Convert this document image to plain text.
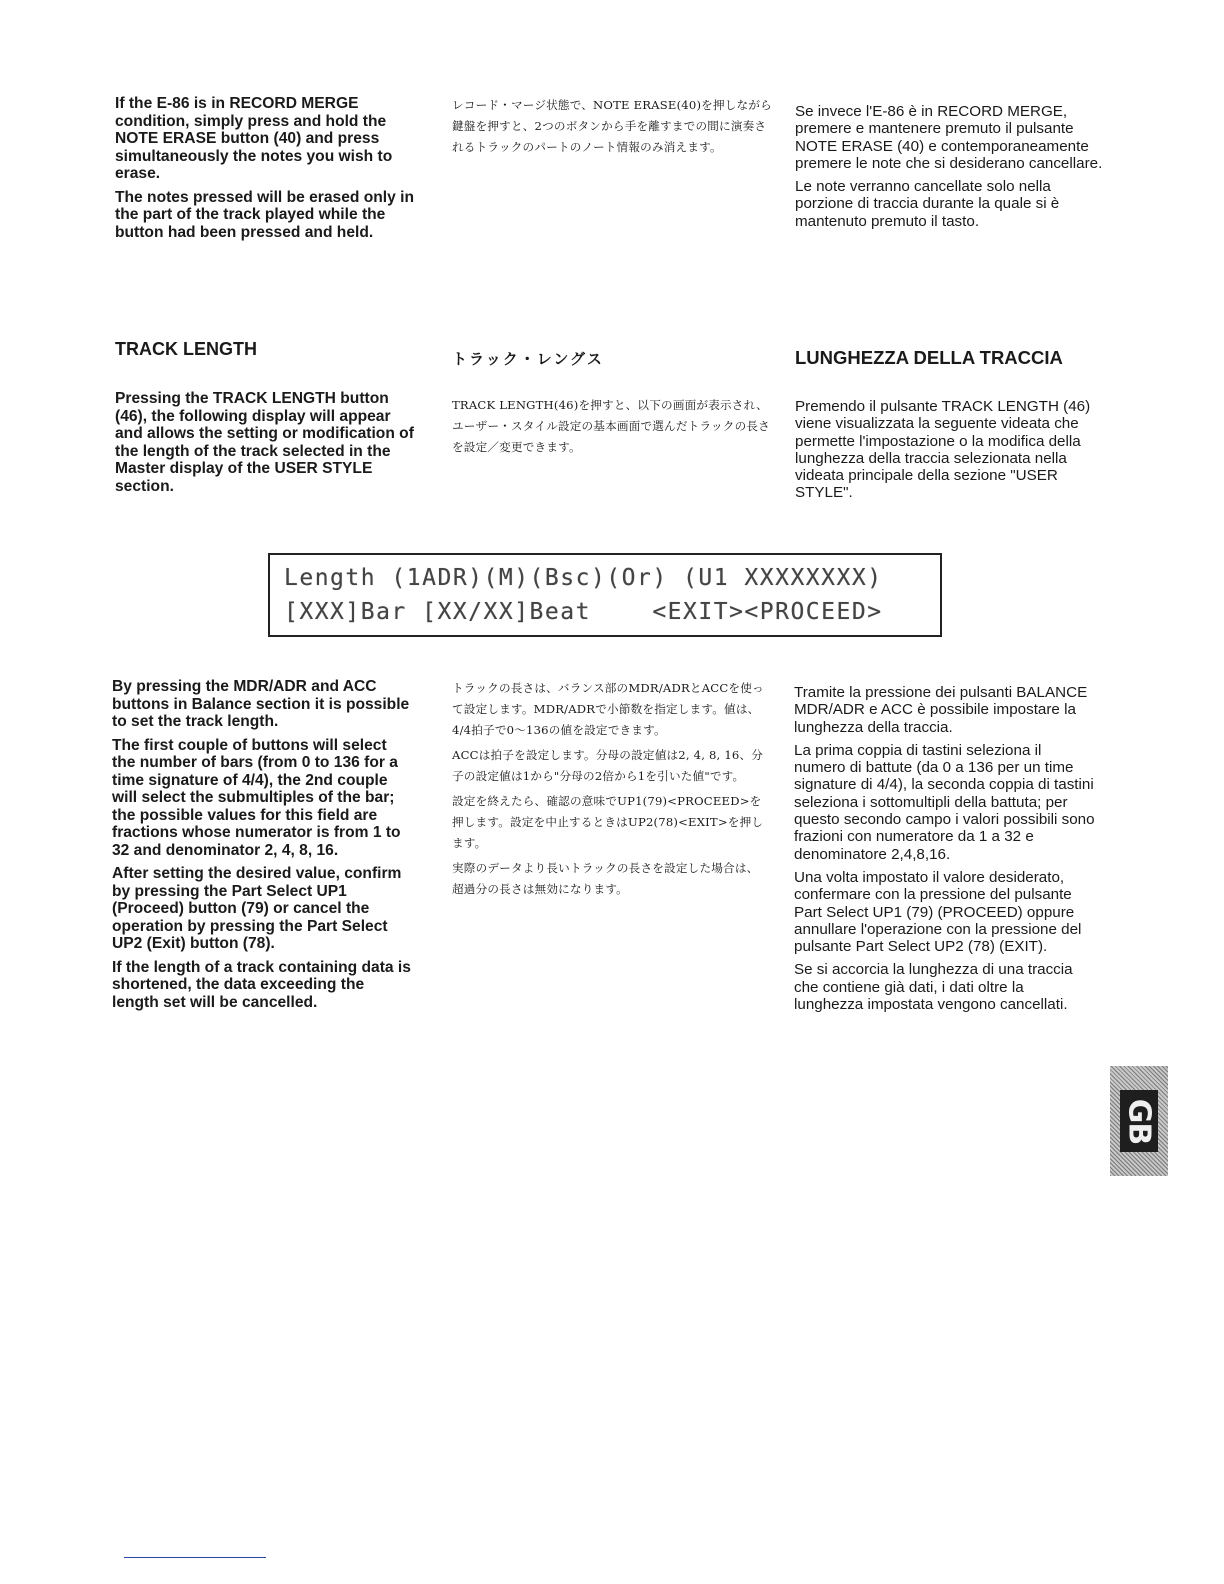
If the E-86 is in RECORD MERGE condition, simply press and hold the NOTE ERASE button (40) and press simultaneously the notes you wish to erase.

The notes pressed will be erased only in the part of the track played while the button had been pressed and held.

レコード・マージ状態で、NOTE ERASE(40)を押しながら鍵盤を押すと、2つのボタンから手を離すまでの間に演奏されるトラックのパートのノート情報のみ消えます。

Se invece l'E-86 è in RECORD MERGE, premere e mantenere premuto il pulsante NOTE ERASE (40) e contemporaneamente premere le note che si desiderano cancellare.

Le note verranno cancellate solo nella porzione di traccia durante la quale si è mantenuto premuto il tasto.

TRACK LENGTH	トラック・レングス	LUNGHEZZA DELLA TRACCIA

Pressing the TRACK LENGTH button (46), the following display will appear and allows the setting or modification of the length of the track selected in the Master display of the USER STYLE section.

TRACK LENGTH(46)を押すと、以下の画面が表示され、ユーザー・スタイル設定の基本画面で選んだトラックの長さを設定／変更できます。

Premendo il pulsante TRACK LENGTH (46) viene visualizzata la seguente videata che permette l'impostazione o la modifica della lunghezza della traccia selezionata nella videata principale della sezione "USER STYLE".

Length (1ADR)(M)(Bsc)(Or) (U1 XXXXXXXX)
[XXX]Bar [XX/XX]Beat    <EXIT><PROCEED>

By pressing the MDR/ADR and ACC buttons in Balance section it is possible to set the track length.

The first couple of buttons will select the number of bars (from 0 to 136 for a time signature of 4/4), the 2nd couple will select the submultiples of the bar; the possible values for this field are fractions whose numerator is from 1 to 32 and denominator 2, 4, 8, 16.

After setting the desired value, confirm by pressing the Part Select UP1 (Proceed) button (79) or cancel the operation by pressing the Part Select UP2 (Exit) button (78).

If the length of a track containing data is shortened, the data exceeding the length set will be cancelled.

トラックの長さは、バランス部のMDR/ADRとACCを使って設定します。MDR/ADRで小節数を指定します。値は、4/4拍子で0〜136の値を設定できます。

ACCは拍子を設定します。分母の設定値は2, 4, 8, 16、分子の設定値は1から"分母の2倍から1を引いた値"です。

設定を終えたら、確認の意味でUP1(79)<PROCEED>を押します。設定を中止するときはUP2(78)<EXIT>を押します。

実際のデータより長いトラックの長さを設定した場合は、超過分の長さは無効になります。

Tramite la pressione dei pulsanti BALANCE MDR/ADR e ACC è possibile impostare la lunghezza della traccia.

La prima coppia di tastini seleziona il numero di battute (da 0 a 136 per un time signature di 4/4), la seconda coppia di tastini seleziona i sottomultipli della battuta; per questo secondo campo i valori possibili sono frazioni con numeratore da 1 a 32 e denominatore 2,4,8,16.

Una volta impostato il valore desiderato, confermare con la pressione del pulsante Part Select UP1 (79) (PROCEED) oppure annullare l'operazione con la pressione del pulsante Part Select UP2 (78) (EXIT).

Se si accorcia la lunghezza di una traccia che contiene già dati, i dati oltre la lunghezza impostata vengono cancellati.

GB
